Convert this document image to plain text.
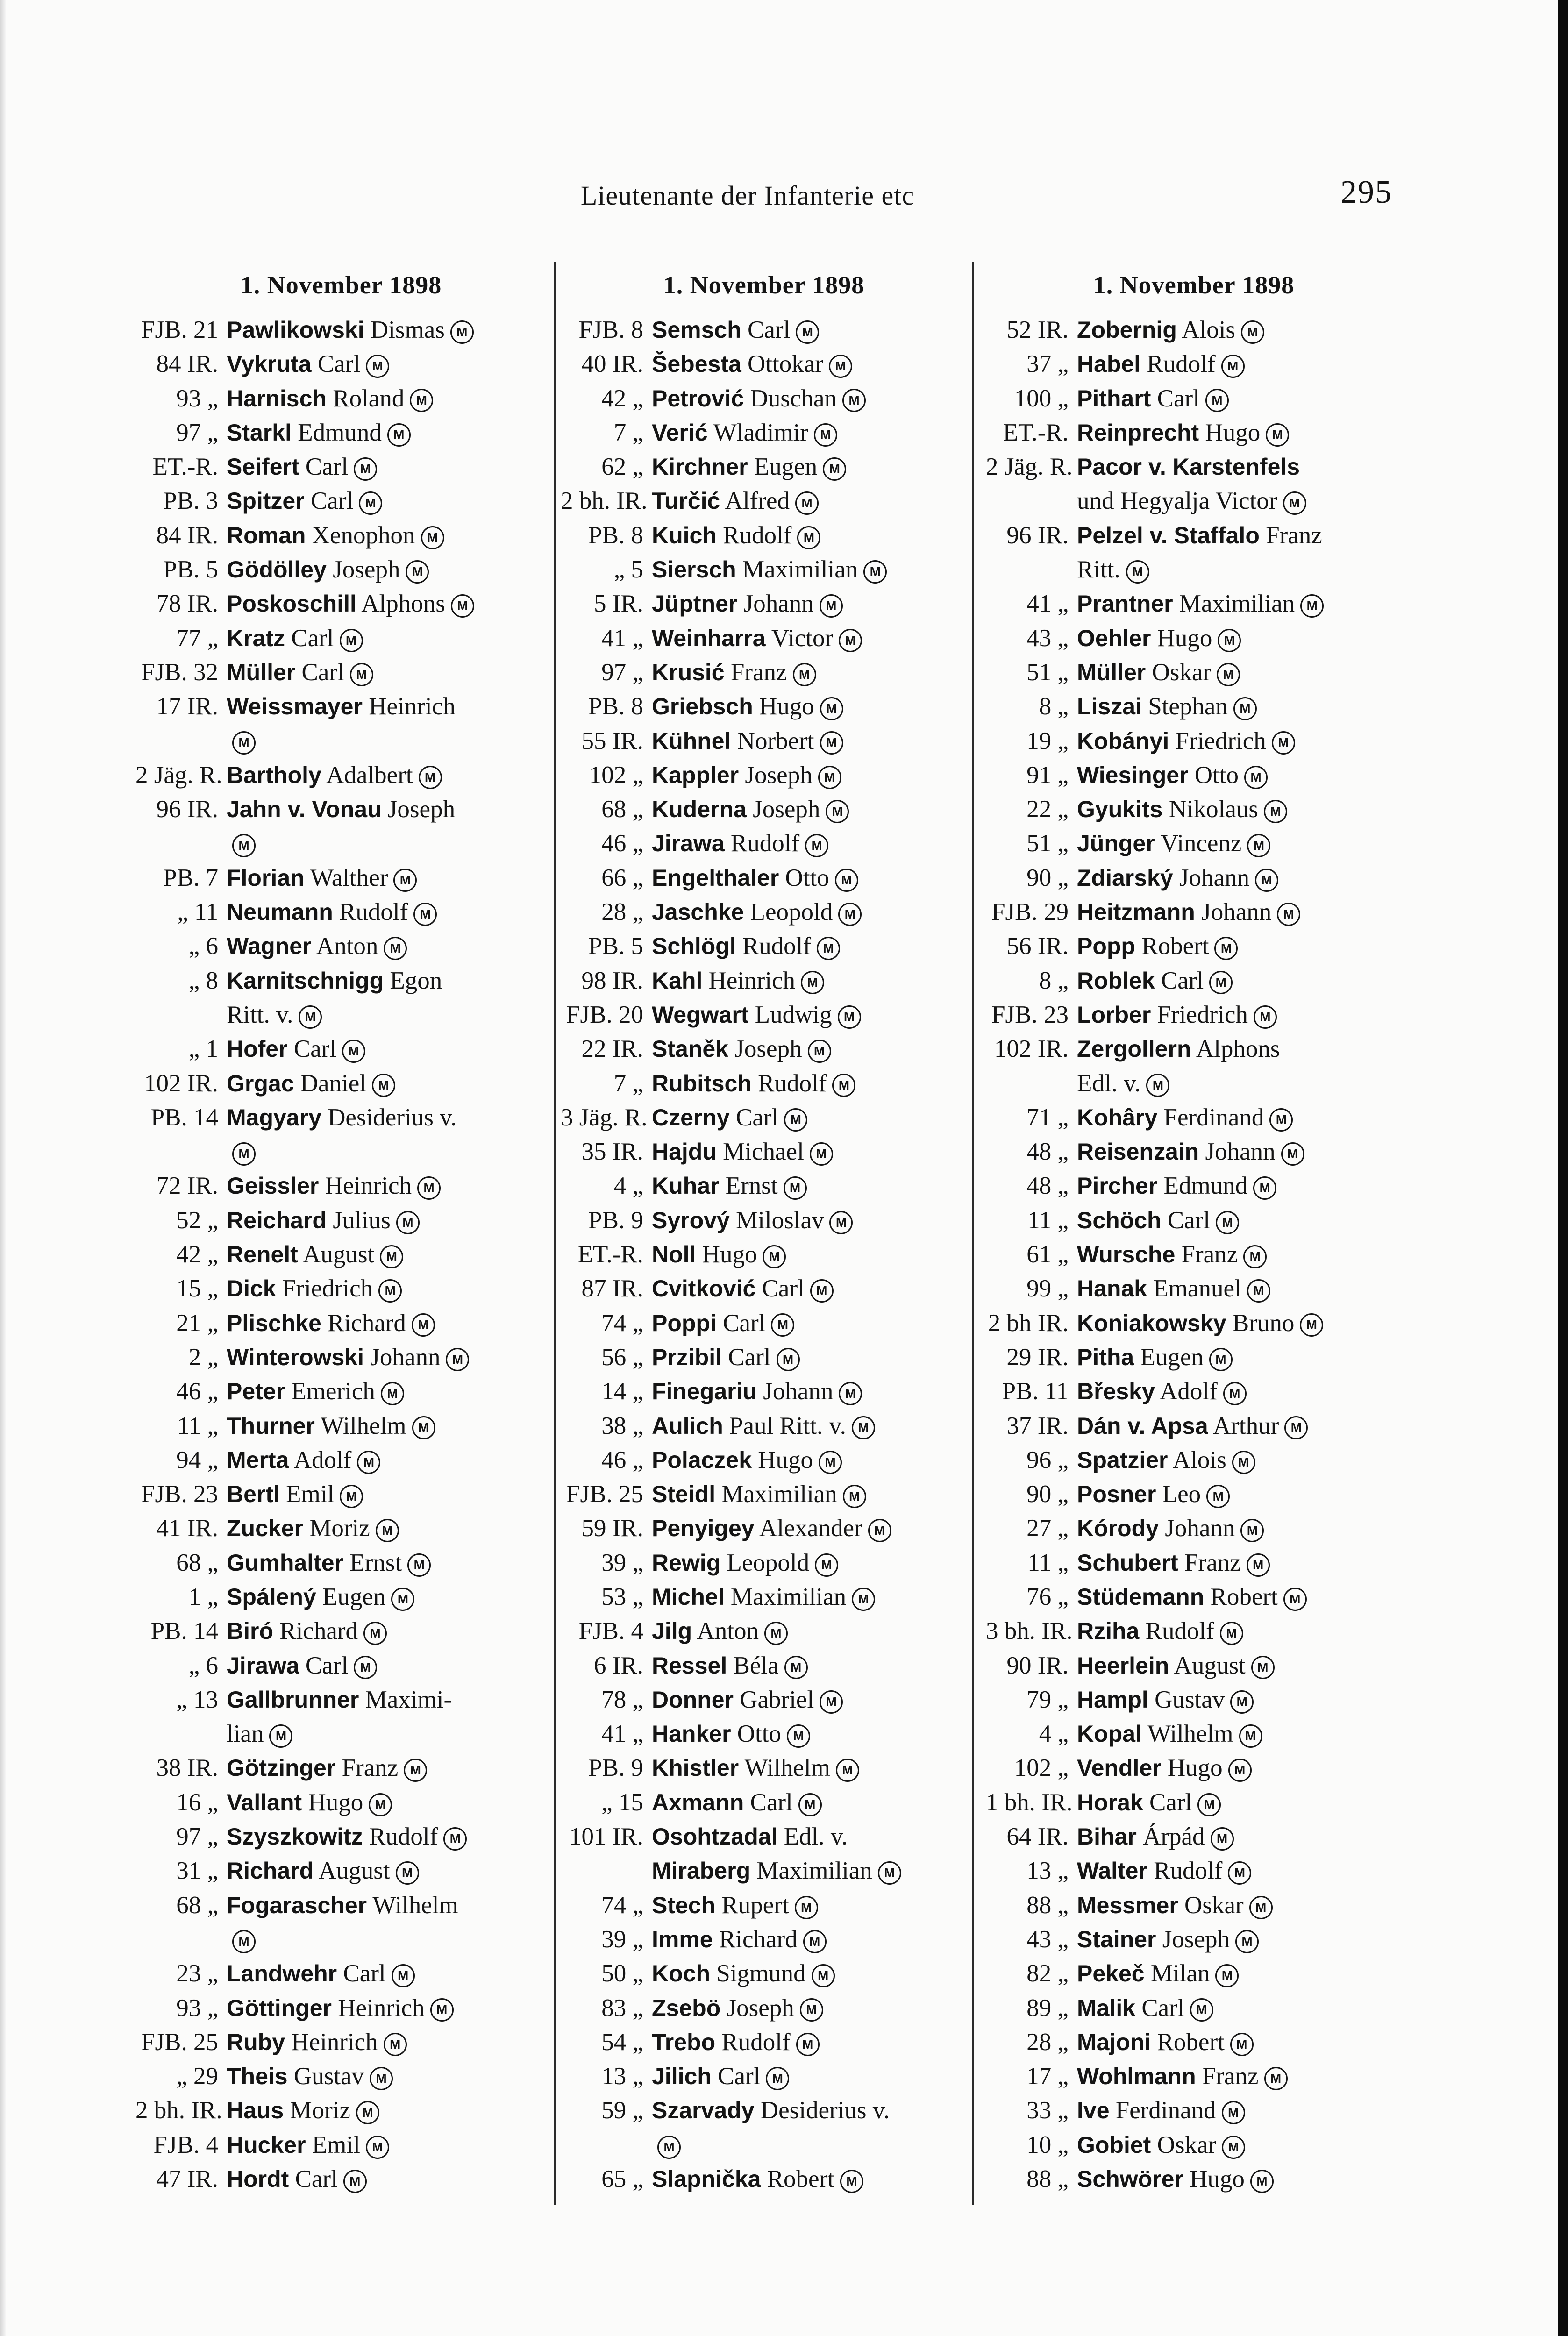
Lieutenante der Infanterie etc	295
1. November 1898
FJB. 21 Pawlikowski Dismas M
84 IR. Vykruta Carl M
93 „ Harnisch Roland M
97 „ Starkl Edmund M
ET.-R. Seifert Carl M
PB. 3 Spitzer Carl M
84 IR. Roman Xenophon M
PB. 5 Gödölley Joseph M
78 IR. Poskoschill Alphons M
77 „ Kratz Carl M
FJB. 32 Müller Carl M
17 IR. Weissmayer Heinrich
M
2 Jäg. R. Bartholy Adalbert M
96 IR. Jahn v. Vonau Joseph
M
PB. 7 Florian Walther M
„ 11 Neumann Rudolf M
„ 6 Wagner Anton M
„ 8 Karnitschnigg Egon
Ritt. v. M
„ 1 Hofer Carl M
102 IR. Grgac Daniel M
PB. 14 Magyary Desiderius v.
M
72 IR. Geissler Heinrich M
52 „ Reichard Julius M
42 „ Renelt August M
15 „ Dick Friedrich M
21 „ Plischke Richard M
2 „ Winterowski Johann M
46 „ Peter Emerich M
11 „ Thurner Wilhelm M
94 „ Merta Adolf M
FJB. 23 Bertl Emil M
41 IR. Zucker Moriz M
68 „ Gumhalter Ernst M
1 „ Spálený Eugen M
PB. 14 Biró Richard M
„ 6 Jirawa Carl M
„ 13 Gallbrunner Maximi-
lian M
38 IR. Götzinger Franz M
16 „ Vallant Hugo M
97 „ Szyszkowitz Rudolf M
31 „ Richard August M
68 „ Fogarascher Wilhelm
M
23 „ Landwehr Carl M
93 „ Göttinger Heinrich M
FJB. 25 Ruby Heinrich M
„ 29 Theis Gustav M
2 bh. IR. Haus Moriz M
FJB. 4 Hucker Emil M
47 IR. Hordt Carl M
1. November 1898
FJB. 8 Semsch Carl M
40 IR. Šebesta Ottokar M
42 „ Petrović Duschan M
7 „ Verić Wladimir M
62 „ Kirchner Eugen M
2 bh. IR. Turčić Alfred M
PB. 8 Kuich Rudolf M
„ 5 Siersch Maximilian M
5 IR. Jüptner Johann M
41 „ Weinharra Victor M
97 „ Krusić Franz M
PB. 8 Griebsch Hugo M
55 IR. Kühnel Norbert M
102 „ Kappler Joseph M
68 „ Kuderna Joseph M
46 „ Jirawa Rudolf M
66 „ Engelthaler Otto M
28 „ Jaschke Leopold M
PB. 5 Schlögl Rudolf M
98 IR. Kahl Heinrich M
FJB. 20 Wegwart Ludwig M
22 IR. Staněk Joseph M
7 „ Rubitsch Rudolf M
3 Jäg. R. Czerny Carl M
35 IR. Hajdu Michael M
4 „ Kuhar Ernst M
PB. 9 Syrový Miloslav M
ET.-R. Noll Hugo M
87 IR. Cvitković Carl M
74 „ Poppi Carl M
56 „ Przibil Carl M
14 „ Finegariu Johann M
38 „ Aulich Paul Ritt. v. M
46 „ Polaczek Hugo M
FJB. 25 Steidl Maximilian M
59 IR. Penyigey Alexander M
39 „ Rewig Leopold M
53 „ Michel Maximilian M
FJB. 4 Jilg Anton M
6 IR. Ressel Béla M
78 „ Donner Gabriel M
41 „ Hanker Otto M
PB. 9 Khistler Wilhelm M
„ 15 Axmann Carl M
101 IR. Osohtzadal Edl. v.
Miraberg Maximilian M
74 „ Stech Rupert M
39 „ Imme Richard M
50 „ Koch Sigmund M
83 „ Zsebö Joseph M
54 „ Trebo Rudolf M
13 „ Jilich Carl M
59 „ Szarvady Desiderius v.
M
65 „ Slapnička Robert M
1. November 1898
52 IR. Zobernig Alois M
37 „ Habel Rudolf M
100 „ Pithart Carl M
ET.-R. Reinprecht Hugo M
2 Jäg. R. Pacor v. Karstenfels
und Hegyalja Victor M
96 IR. Pelzel v. Staffalo Franz
Ritt. M
41 „ Prantner Maximilian M
43 „ Oehler Hugo M
51 „ Müller Oskar M
8 „ Liszai Stephan M
19 „ Kobányi Friedrich M
91 „ Wiesinger Otto M
22 „ Gyukits Nikolaus M
51 „ Jünger Vincenz M
90 „ Zdiarský Johann M
FJB. 29 Heitzmann Johann M
56 IR. Popp Robert M
8 „ Roblek Carl M
FJB. 23 Lorber Friedrich M
102 IR. Zergollern Alphons
Edl. v. M
71 „ Kohâry Ferdinand M
48 „ Reisenzain Johann M
48 „ Pircher Edmund M
11 „ Schöch Carl M
61 „ Wursche Franz M
99 „ Hanak Emanuel M
2 bh IR. Koniakowsky Bruno M
29 IR. Pitha Eugen M
PB. 11 Břesky Adolf M
37 IR. Dán v. Apsa Arthur M
96 „ Spatzier Alois M
90 „ Posner Leo M
27 „ Kórody Johann M
11 „ Schubert Franz M
76 „ Stüdemann Robert M
3 bh. IR. Rziha Rudolf M
90 IR. Heerlein August M
79 „ Hampl Gustav M
4 „ Kopal Wilhelm M
102 „ Vendler Hugo M
1 bh. IR. Horak Carl M
64 IR. Bihar Árpád M
13 „ Walter Rudolf M
88 „ Messmer Oskar M
43 „ Stainer Joseph M
82 „ Pekeč Milan M
89 „ Malik Carl M
28 „ Majoni Robert M
17 „ Wohlmann Franz M
33 „ Ive Ferdinand M
10 „ Gobiet Oskar M
88 „ Schwörer Hugo M
